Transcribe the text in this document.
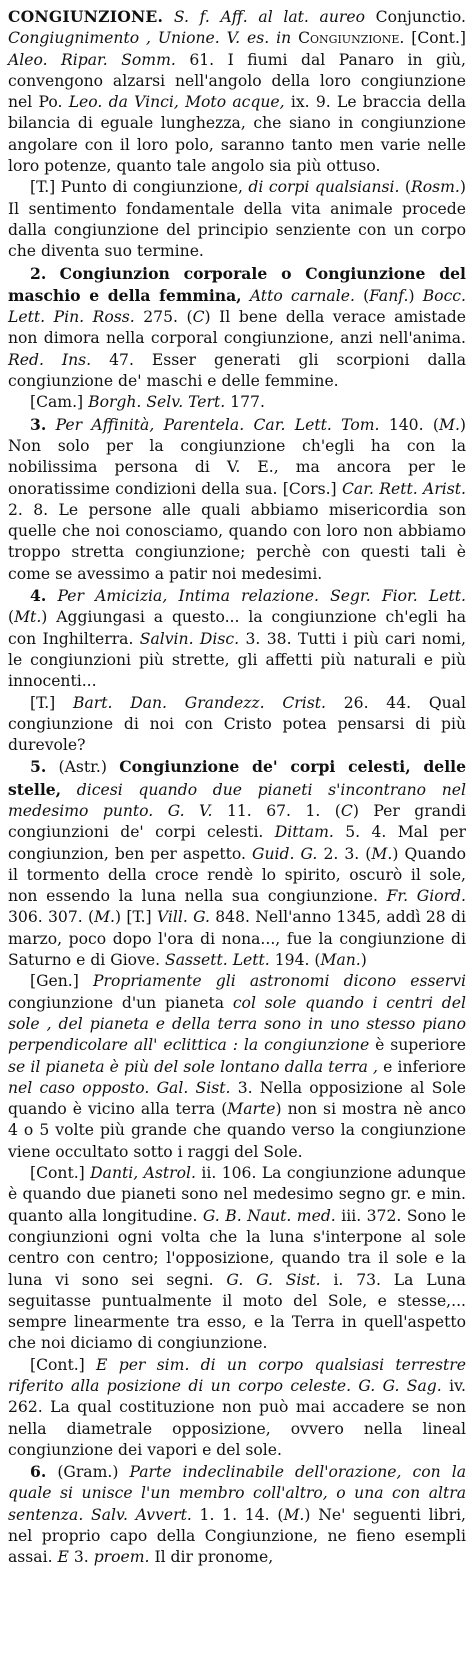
CONGIUNZIONE. S. f. Aff. al lat. aureo Conjunctio. Congiugnimento , Unione. V. es. in Congiunzione. [Cont.] Aleo. Ripar. Somm. 61. I fiumi dal Panaro in giù, convengono alzarsi nell'angolo della loro congiunzione nel Po. Leo. da Vinci, Moto acque, ix. 9. Le braccia della bilancia di eguale lunghezza, che siano in congiunzione angolare con il loro polo, saranno tanto men varie nelle loro potenze, quanto tale angolo sia più ottuso.

[T.] Punto di congiunzione, di corpi qualsiansi. (Rosm.) Il sentimento fondamentale della vita animale procede dalla congiunzione del principio senziente con un corpo che diventa suo termine.

2. Congiunzion corporale o Congiunzione del maschio e della femmina, Atto carnale. (Fanf.) Bocc. Lett. Pin. Ross. 275. (C) Il bene della verace amistade non dimora nella corporal congiunzione, anzi nell'anima. Red. Ins. 47. Esser generati gli scorpioni dalla congiunzione de' maschi e delle femmine.

[Cam.] Borgh. Selv. Tert. 177.

3. Per Affinità, Parentela. Car. Lett. Tom. 140. (M.) Non solo per la congiunzione ch'egli ha con la nobilissima persona di V. E., ma ancora per le onoratissime condizioni della sua. [Cors.] Car. Rett. Arist. 2. 8. Le persone alle quali abbiamo misericordia son quelle che noi conosciamo, quando con loro non abbiamo troppo stretta congiunzione; perchè con questi tali è come se avessimo a patir noi medesimi.

4. Per Amicizia, Intima relazione. Segr. Fior. Lett. (Mt.) Aggiungasi a questo... la congiunzione ch'egli ha con Inghilterra. Salvin. Disc. 3. 38. Tutti i più cari nomi, le congiunzioni più strette, gli affetti più naturali e più innocenti...

[T.] Bart. Dan. Grandezz. Crist. 26. 44. Qual congiunzione di noi con Cristo potea pensarsi di più durevole?

5. (Astr.) Congiunzione de' corpi celesti, delle stelle, dicesi quando due pianeti s'incontrano nel medesimo punto. G. V. 11. 67. 1. (C) Per grandi congiunzioni de' corpi celesti. Dittam. 5. 4. Mal per congiunzion, ben per aspetto. Guid. G. 2. 3. (M.) Quando il tormento della croce rendè lo spirito, oscurò il sole, non essendo la luna nella sua congiunzione. Fr. Giord. 306. 307. (M.) [T.] Vill. G. 848. Nell'anno 1345, addì 28 di marzo, poco dopo l'ora di nona..., fue la congiunzione di Saturno e di Giove. Sassett. Lett. 194. (Man.)

[Gen.] Propriamente gli astronomi dicono esservi congiunzione d'un pianeta col sole quando i centri del sole , del pianeta e della terra sono in uno stesso piano perpendicolare all' eclittica : la congiunzione è superiore se il pianeta è più del sole lontano dalla terra , e inferiore nel caso opposto. Gal. Sist. 3. Nella opposizione al Sole quando è vicino alla terra (Marte) non si mostra nè anco 4 o 5 volte più grande che quando verso la congiunzione viene occultato sotto i raggi del Sole.

[Cont.] Danti, Astrol. ii. 106. La congiunzione adunque è quando due pianeti sono nel medesimo segno gr. e min. quanto alla longitudine. G. B. Naut. med. iii. 372. Sono le congiunzioni ogni volta che la luna s'interpone al sole centro con centro; l'opposizione, quando tra il sole e la luna vi sono sei segni. G. G. Sist. i. 73. La Luna seguitasse puntualmente il moto del Sole, e stesse,... sempre linearmente tra esso, e la Terra in quell'aspetto che noi diciamo di congiunzione.

[Cont.] E per sim. di un corpo qualsiasi terrestre riferito alla posizione di un corpo celeste. G. G. Sag. iv. 262. La qual costituzione non può mai accadere se non nella diametrale opposizione, ovvero nella lineal congiunzione dei vapori e del sole.

6. (Gram.) Parte indeclinabile dell'orazione, con la quale si unisce l'un membro coll'altro, o una con altra sentenza. Salv. Avvert. 1. 1. 14. (M.) Ne' seguenti libri, nel proprio capo della Congiunzione, ne fieno esempli assai. E 3. proem. Il dir pronome,
